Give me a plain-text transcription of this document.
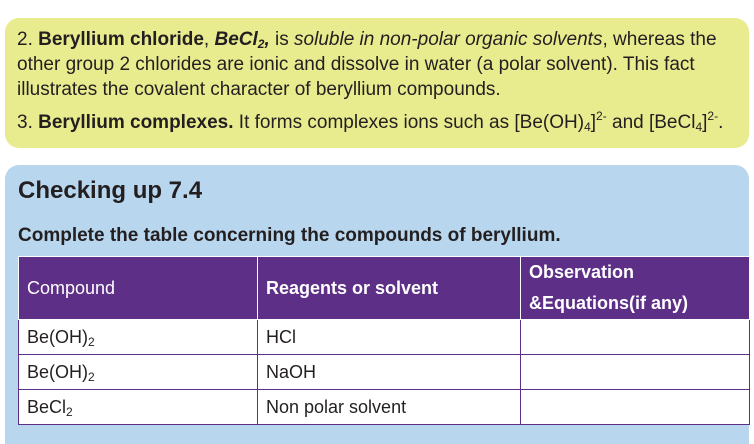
2. Beryllium chloride, BeCl$_2$, is soluble in non-polar organic solvents, whereas the other group 2 chlorides are ionic and dissolve in water (a polar solvent). This fact illustrates the covalent character of beryllium compounds.

3. Beryllium complexes. It forms complexes ions such as $[Be(OH)_4]^{2-}$ and [BeCl$_4$]$^{2-}$.

Checking up 7.4

Complete the table concerning the compounds of beryllium.

Compound	Reagents or solvent	Observation
&Equations(if any)
$Be(OH)_2$	HCl	
$Be(OH)_2$	NaOH	
BeCl$_2$	Non polar solvent	
